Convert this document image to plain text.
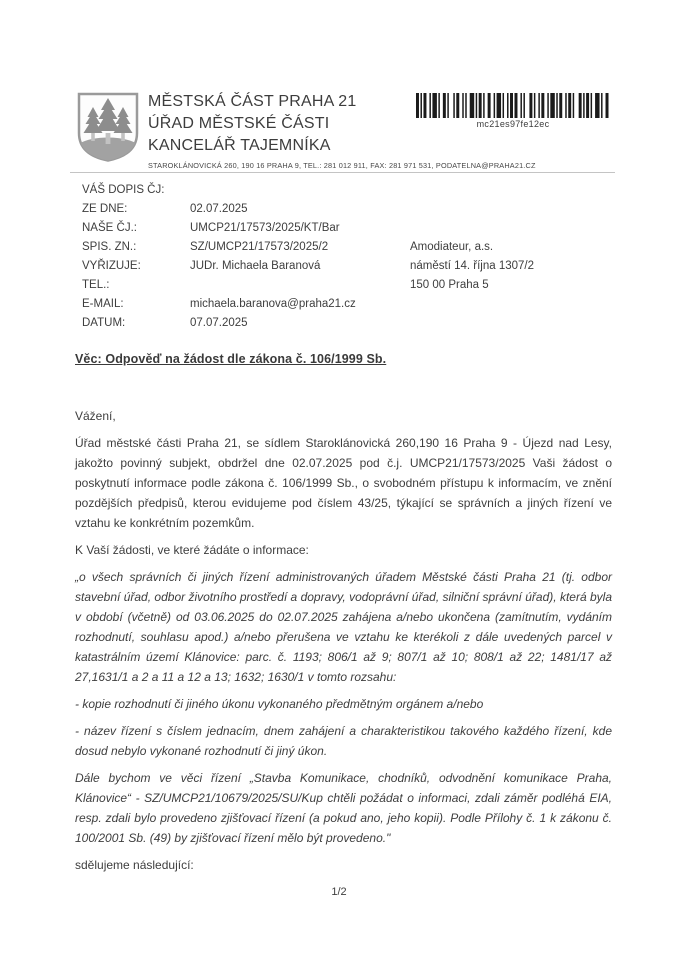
MĚSTSKÁ ČÁST PRAHA 21
ÚŘAD MĚSTSKÉ ČÁSTI
KANCELÁŘ TAJEMNÍKA
STAROKLÁNOVICKÁ 260, 190 16 PRAHA 9, TEL.: 281 012 911, FAX: 281 971 531, PODATELNA@PRAHA21.CZ
mc21es97fe12ec
VÁŠ DOPIS ČJ:
ZE DNE:	02.07.2025
NAŠE ČJ.:	UMCP21/17573/2025/KT/Bar
SPIS. ZN.:	SZ/UMCP21/17573/2025/2
VYŘIZUJE:	JUDr. Michaela Baranová
TEL.:
E-MAIL:	michaela.baranova@praha21.cz
DATUM:	07.07.2025
Amodiateur, a.s.
náměstí 14. října 1307/2
150 00 Praha 5
Věc: Odpověď na žádost dle zákona č. 106/1999 Sb.

Vážení,

Úřad městské části Praha 21, se sídlem Staroklánovická 260,190 16 Praha 9 - Újezd nad Lesy, jakožto povinný subjekt, obdržel dne 02.07.2025 pod č.j. UMCP21/17573/2025 Vaši žádost o poskytnutí informace podle zákona č. 106/1999 Sb., o svobodném přístupu k informacím, ve znění pozdějších předpisů, kterou evidujeme pod číslem 43/25, týkající se správních a jiných řízení ve vztahu ke konkrétním pozemkům.

K Vaší žádosti, ve které žádáte o informace:

„o všech správních či jiných řízení administrovaných úřadem Městské části Praha 21 (tj. odbor stavební úřad, odbor životního prostředí a dopravy, vodoprávní úřad, silniční správní úřad), která byla v období (včetně) od 03.06.2025 do 02.07.2025 zahájena a/nebo ukončena (zamítnutím, vydáním rozhodnutí, souhlasu apod.) a/nebo přerušena ve vztahu ke kterékoli z dále uvedených parcel v katastrálním území Klánovice: parc. č. 1193; 806/1 až 9; 807/1 až 10; 808/1 až 22; 1481/17 až 27,1631/1 a 2 a 11 a 12 a 13; 1632; 1630/1 v tomto rozsahu:

- kopie rozhodnutí či jiného úkonu vykonaného předmětným orgánem a/nebo

- název řízení s číslem jednacím, dnem zahájení a charakteristikou takového každého řízení, kde dosud nebylo vykonané rozhodnutí či jiný úkon.

Dále bychom ve věci řízení „Stavba Komunikace, chodníků, odvodnění komunikace Praha, Klánovice“ - SZ/UMCP21/10679/2025/SU/Kup chtěli požádat o informaci, zdali záměr podléhá EIA, resp. zdali bylo provedeno zjišťovací řízení (a pokud ano, jeho kopii). Podle Přílohy č. 1 k zákonu č. 100/2001 Sb. (49) by zjišťovací řízení mělo být provedeno."

sdělujeme následující:

1/2
